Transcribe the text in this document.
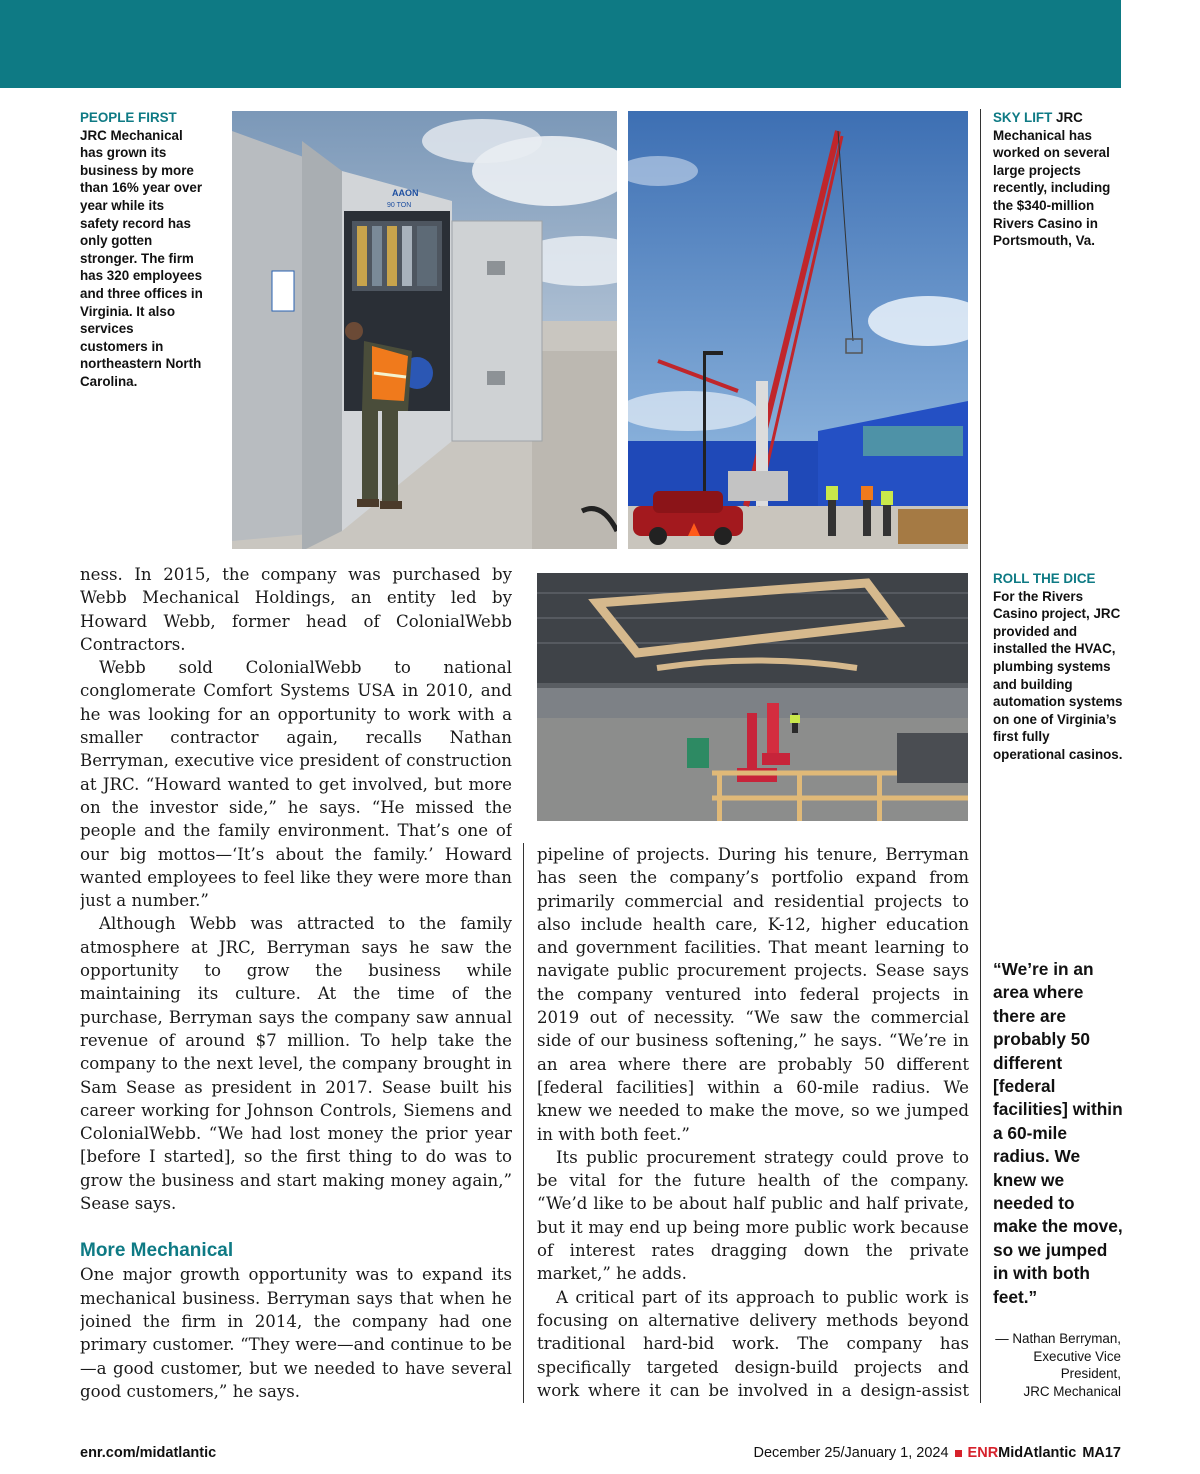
PEOPLE FIRST
JRC Mechanical has grown its business by more than 16% year over year while its safety record has only gotten stronger. The firm has 320 employees and three offices in Virginia. It also services customers in northeastern North Carolina.
AAON
90 TON
SKY LIFT JRC Mechanical has worked on several large projects recently, including the $340-million Rivers Casino in Portsmouth, Va.
ROLL THE DICE
For the Rivers Casino project, JRC provided and installed the HVAC, plumbing systems and building automation systems on one of Virginia’s first fully operational casinos.

ness. In 2015, the company was purchased by Webb Mechanical Holdings, an entity led by Howard Webb, former head of ColonialWebb Contractors.

Webb sold ColonialWebb to national conglomerate Comfort Systems USA in 2010, and he was looking for an opportunity to work with a smaller contractor again, recalls Nathan Berryman, executive vice president of construction at JRC. “Howard wanted to get involved, but more on the investor side,” he says. “He missed the people and the family environment. That’s one of our big mottos—‘It’s about the family.’ Howard wanted employees to feel like they were more than just a number.”

Although Webb was attracted to the family atmosphere at JRC, Berryman says he saw the opportunity to grow the business while maintaining its culture. At the time of the purchase, Berryman says the company saw annual revenue of around $7 million. To help take the company to the next level, the company brought in Sam Sease as president in 2017. Sease built his career working for Johnson Controls, Siemens and ColonialWebb. “We had lost money the prior year [before I started], so the first thing to do was to grow the business and start making money again,” Sease says.

More Mechanical

One major growth opportunity was to expand its mechanical business. Berryman says that when he joined the firm in 2014, the company had one primary customer. “They were—and continue to be—a good customer, but we needed to have several good customers,” he says.

pipeline of projects. During his tenure, Berryman has seen the company’s portfolio expand from primarily commercial and residential projects to also include health care, K-12, higher education and government facilities. That meant learning to navigate public procurement projects. Sease says the company ventured into federal projects in 2019 out of necessity. “We saw the commercial side of our business softening,” he says. “We’re in an area where there are probably 50 different [federal facilities] within a 60-mile radius. We knew we needed to make the move, so we jumped in with both feet.”

Its public procurement strategy could prove to be vital for the future health of the company. “We’d like to be about half public and half private, but it may end up being more public work because of interest rates dragging down the private market,” he adds.

A critical part of its approach to public work is focusing on alternative delivery methods beyond traditional hard-bid work. The company has specifically targeted design-build projects and work where it can be involved in a design-assist

“We’re in an area where there are probably 50 different [federal facilities] within a 60-mile radius. We knew we needed to make the move, so we jumped in with both feet.”
— Nathan Berryman,
Executive Vice President,
JRC Mechanical
enr.com/midatlantic	December 25/January 1, 2024 ENRMidAtlantic MA17
